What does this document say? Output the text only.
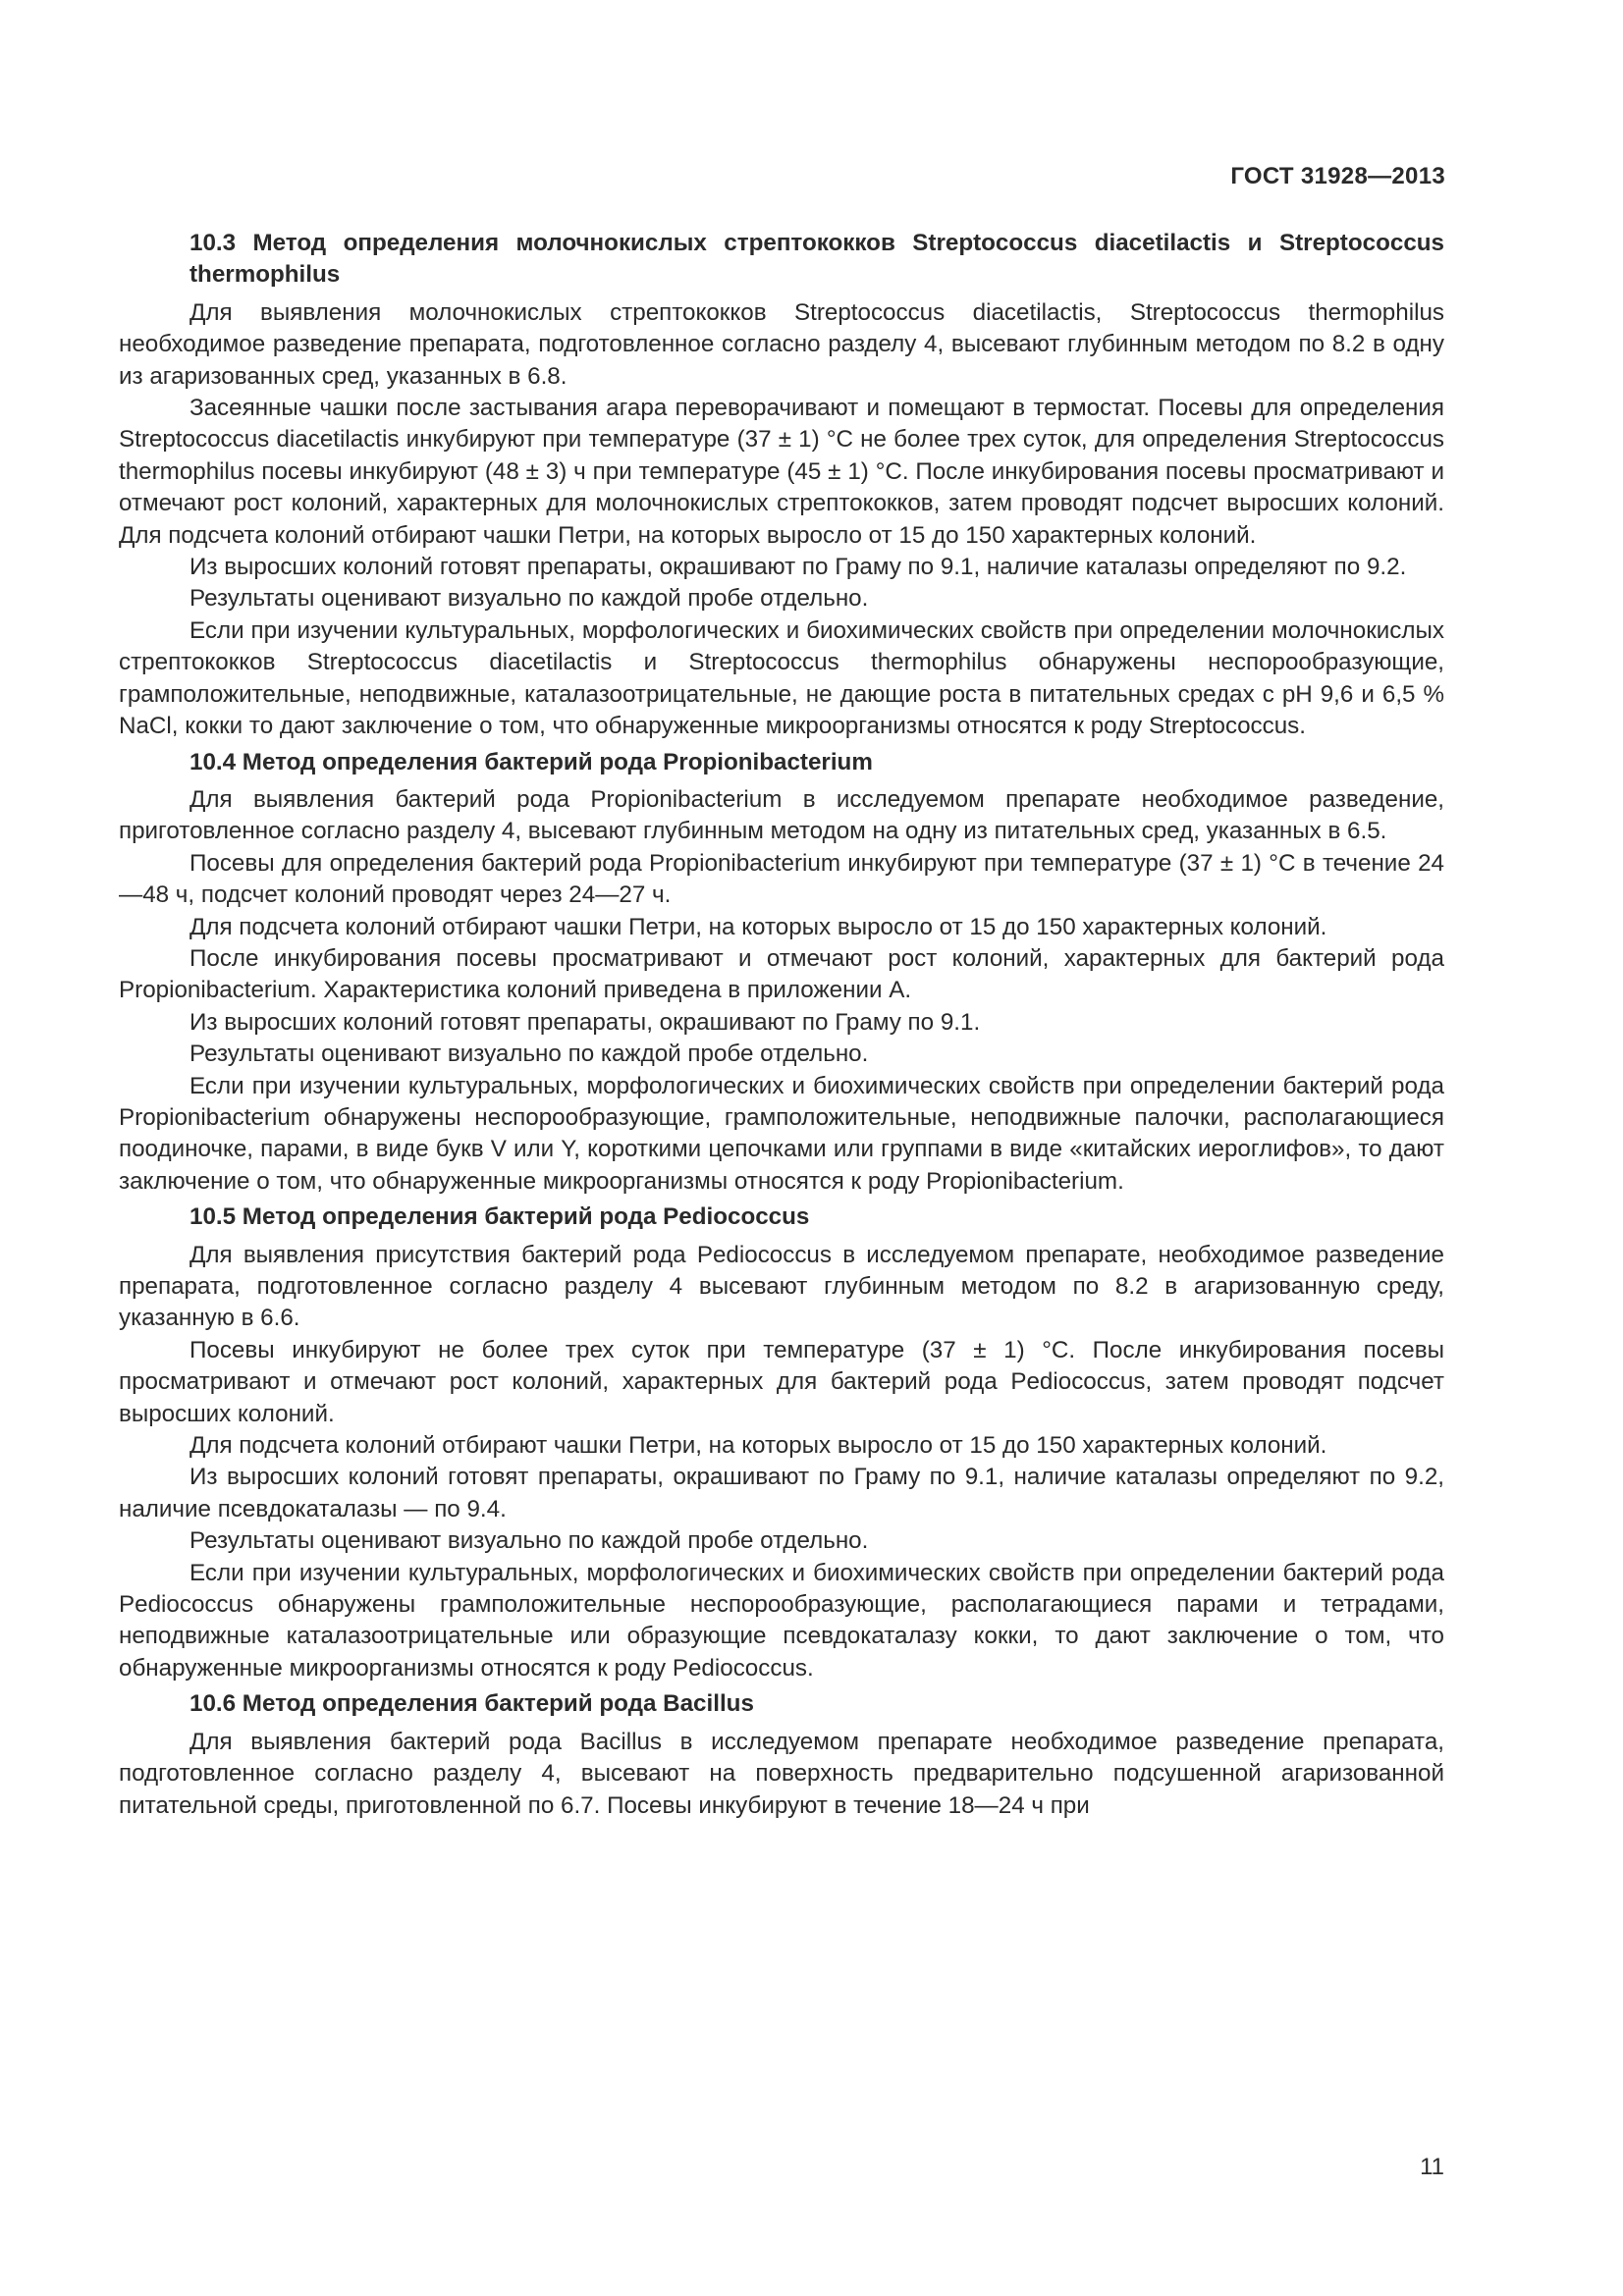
ГОСТ 31928—2013

10.3 Метод определения молочнокислых стрептококков Streptococcus diacetilactis и Streptococcus thermophilus

Для выявления молочнокислых стрептококков Streptococcus diacetilactis, Streptococcus thermophilus необходимое разведение препарата, подготовленное согласно разделу 4, высевают глубинным методом по 8.2 в одну из агаризованных сред, указанных в 6.8.

Засеянные чашки после застывания агара переворачивают и помещают в термостат. Посевы для определения Streptococcus diacetilactis инкубируют при температуре (37 ± 1) °C не более трех суток, для определения Streptococcus thermophilus посевы инкубируют (48 ± 3) ч при температуре (45 ± 1) °C. После инкубирования посевы просматривают и отмечают рост колоний, характерных для молочнокислых стрептококков, затем проводят подсчет выросших колоний. Для подсчета колоний отбирают чашки Петри, на которых выросло от 15 до 150 характерных колоний.

Из выросших колоний готовят препараты, окрашивают по Граму по 9.1, наличие каталазы определяют по 9.2.

Результаты оценивают визуально по каждой пробе отдельно.

Если при изучении культуральных, морфологических и биохимических свойств при определении молочнокислых стрептококков Streptococcus diacetilactis и Streptococcus thermophilus обнаружены неспорообразующие, грамположительные, неподвижные, каталазоотрицательные, не дающие роста в питательных средах с pH 9,6 и 6,5 % NaCl, кокки то дают заключение о том, что обнаруженные микроорганизмы относятся к роду Streptococcus.

10.4 Метод определения бактерий рода Propionibacterium

Для выявления бактерий рода Propionibacterium в исследуемом препарате необходимое разведение, приготовленное согласно разделу 4, высевают глубинным методом на одну из питательных сред, указанных в 6.5.

Посевы для определения бактерий рода Propionibacterium инкубируют при температуре (37 ± 1) °C в течение 24—48 ч, подсчет колоний проводят через 24—27 ч.

Для подсчета колоний отбирают чашки Петри, на которых выросло от 15 до 150 характерных колоний.

После инкубирования посевы просматривают и отмечают рост колоний, характерных для бактерий рода Propionibacterium. Характеристика колоний приведена в приложении А.

Из выросших колоний готовят препараты, окрашивают по Граму по 9.1.

Результаты оценивают визуально по каждой пробе отдельно.

Если при изучении культуральных, морфологических и биохимических свойств при определении бактерий рода Propionibacterium обнаружены неспорообразующие, грамположительные, неподвижные палочки, располагающиеся поодиночке, парами, в виде букв V или Y, короткими цепочками или группами в виде «китайских иероглифов», то дают заключение о том, что обнаруженные микроорганизмы относятся к роду Propionibacterium.

10.5 Метод определения бактерий рода Pediococcus

Для выявления присутствия бактерий рода Pediococcus в исследуемом препарате, необходимое разведение препарата, подготовленное согласно разделу 4 высевают глубинным методом по 8.2 в агаризованную среду, указанную в 6.6.

Посевы инкубируют не более трех суток при температуре (37 ± 1) °C. После инкубирования посевы просматривают и отмечают рост колоний, характерных для бактерий рода Pediococcus, затем проводят подсчет выросших колоний.

Для подсчета колоний отбирают чашки Петри, на которых выросло от 15 до 150 характерных колоний.

Из выросших колоний готовят препараты, окрашивают по Граму по 9.1, наличие каталазы определяют по 9.2, наличие псевдокаталазы — по 9.4.

Результаты оценивают визуально по каждой пробе отдельно.

Если при изучении культуральных, морфологических и биохимических свойств при определении бактерий рода Pediococcus обнаружены грамположительные неспорообразующие, располагающиеся парами и тетрадами, неподвижные каталазоотрицательные или образующие псевдокаталазу кокки, то дают заключение о том, что обнаруженные микроорганизмы относятся к роду Pediococcus.

10.6 Метод определения бактерий рода Bacillus

Для выявления бактерий рода Bacillus в исследуемом препарате необходимое разведение препарата, подготовленное согласно разделу 4, высевают на поверхность предварительно подсушенной агаризованной питательной среды, приготовленной по 6.7. Посевы инкубируют в течение 18—24 ч при

11
